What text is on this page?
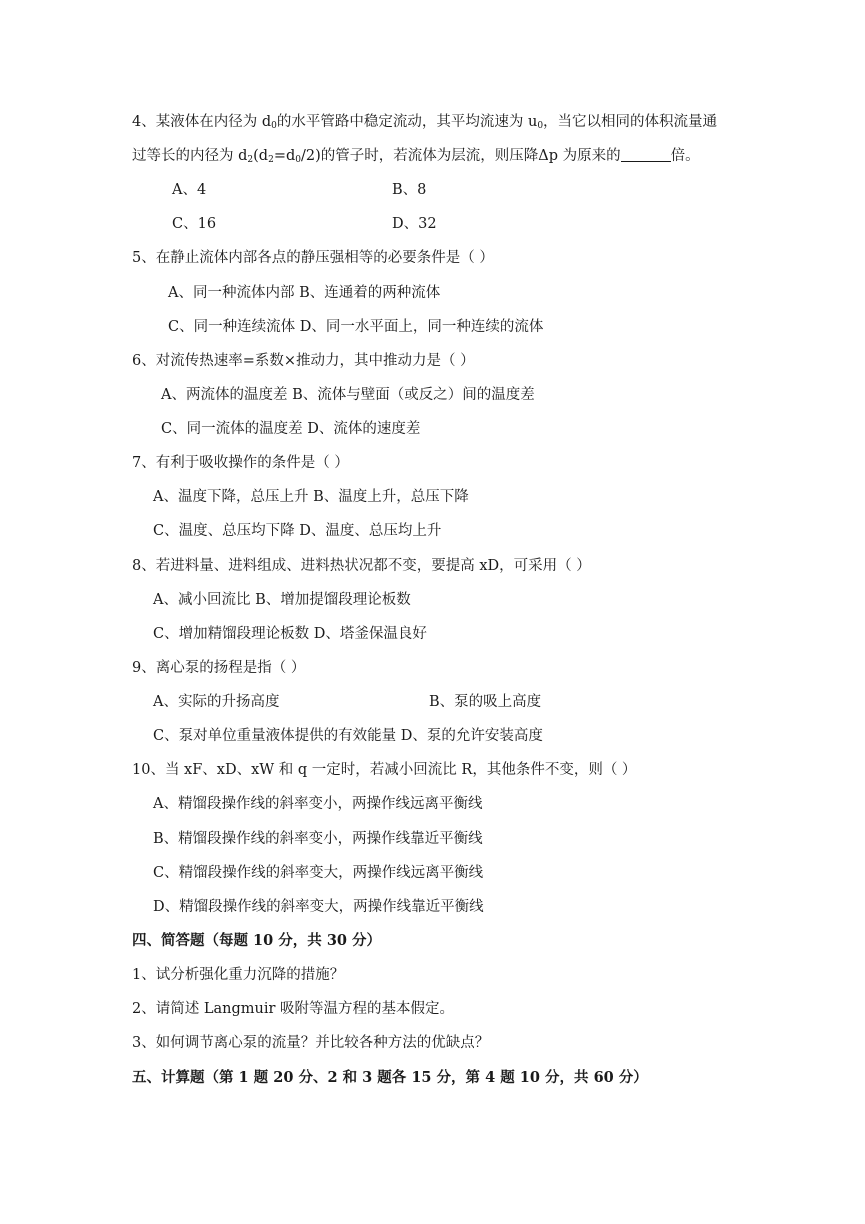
4、某液体在内径为 $d_0$的水平管路中稳定流动，其平均流速为 $u_0$，当它以相同的体积流量通
过等长的内径为 $d_2(d_2=d_0/2)$的管子时，若流体为层流，则压降Δp 为原来的	倍。
A、4	B、8
C、16	D、32
5、在静止流体内部各点的静压强相等的必要条件是（ ）
A、同一种流体内部 B、连通着的两种流体
C、同一种连续流体 D、同一水平面上，同一种连续的流体
6、对流传热速率=系数×推动力，其中推动力是（ ）
A、两流体的温度差 B、流体与壁面（或反之）间的温度差
C、同一流体的温度差 D、流体的速度差
7、有利于吸收操作的条件是（ ）
A、温度下降，总压上升 B、温度上升，总压下降
C、温度、总压均下降 D、温度、总压均上升
8、若进料量、进料组成、进料热状况都不变，要提高 xD，可采用（ ）
A、减小回流比 B、增加提馏段理论板数
C、增加精馏段理论板数 D、塔釜保温良好
9、离心泵的扬程是指（ ）
A、实际的升扬高度	B、泵的吸上高度
C、泵对单位重量液体提供的有效能量 D、泵的允许安装高度
10、当 xF、xD、xW 和 q 一定时，若减小回流比 R，其他条件不变，则（ ）
A、精馏段操作线的斜率变小，两操作线远离平衡线
B、精馏段操作线的斜率变小，两操作线靠近平衡线
C、精馏段操作线的斜率变大，两操作线远离平衡线
D、精馏段操作线的斜率变大，两操作线靠近平衡线
四、简答题（每题 10 分，共 30 分）
1、试分析强化重力沉降的措施？
2、请简述 Langmuir 吸附等温方程的基本假定。
3、如何调节离心泵的流量？并比较各种方法的优缺点？
五、计算题（第 1 题 20 分、2 和 3 题各 15 分，第 4 题 10 分，共 60 分）
